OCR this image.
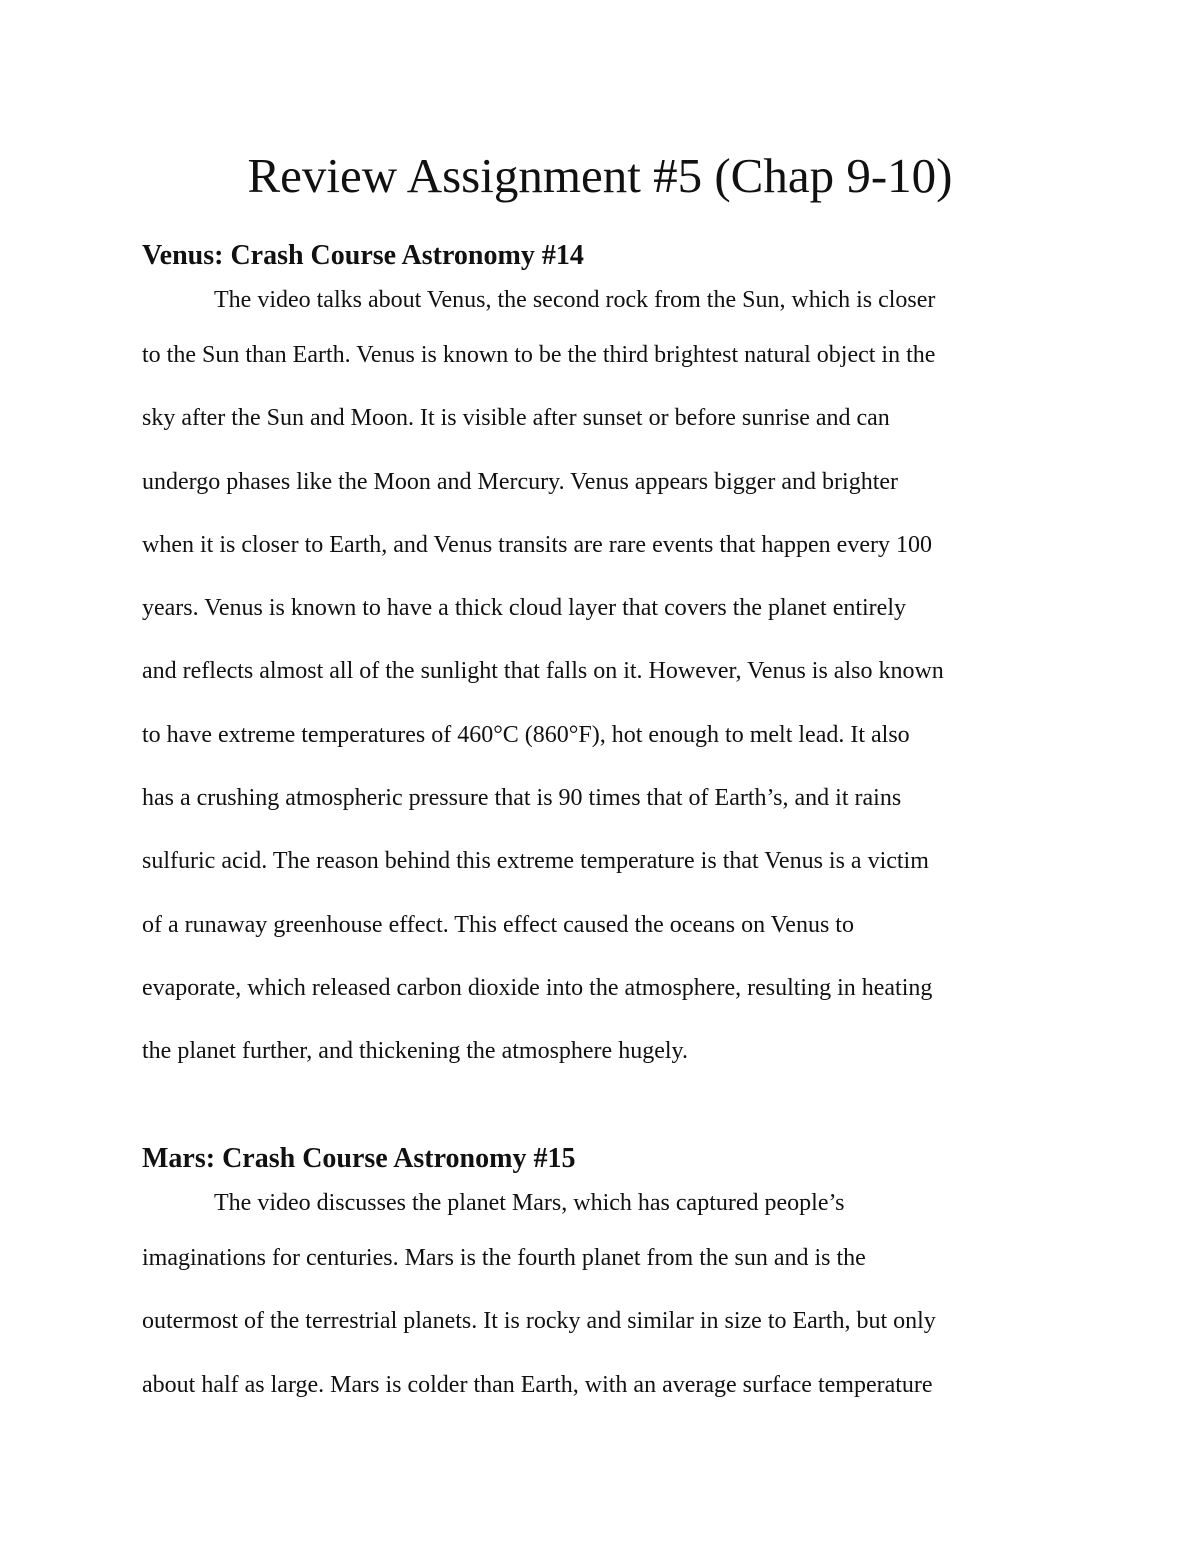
Review Assignment #5 (Chap 9-10)
Venus: Crash Course Astronomy #14

The video talks about Venus, the second rock from the Sun, which is closer

to the Sun than Earth. Venus is known to be the third brightest natural object in the

sky after the Sun and Moon. It is visible after sunset or before sunrise and can

undergo phases like the Moon and Mercury. Venus appears bigger and brighter

when it is closer to Earth, and Venus transits are rare events that happen every 100

years. Venus is known to have a thick cloud layer that covers the planet entirely

and reflects almost all of the sunlight that falls on it. However, Venus is also known

to have extreme temperatures of 460°C (860°F), hot enough to melt lead. It also

has a crushing atmospheric pressure that is 90 times that of Earth’s, and it rains

sulfuric acid. The reason behind this extreme temperature is that Venus is a victim

of a runaway greenhouse effect. This effect caused the oceans on Venus to

evaporate, which released carbon dioxide into the atmosphere, resulting in heating

the planet further, and thickening the atmosphere hugely.

Mars: Crash Course Astronomy #15

The video discusses the planet Mars, which has captured people’s

imaginations for centuries. Mars is the fourth planet from the sun and is the

outermost of the terrestrial planets. It is rocky and similar in size to Earth, but only

about half as large. Mars is colder than Earth, with an average surface temperature
